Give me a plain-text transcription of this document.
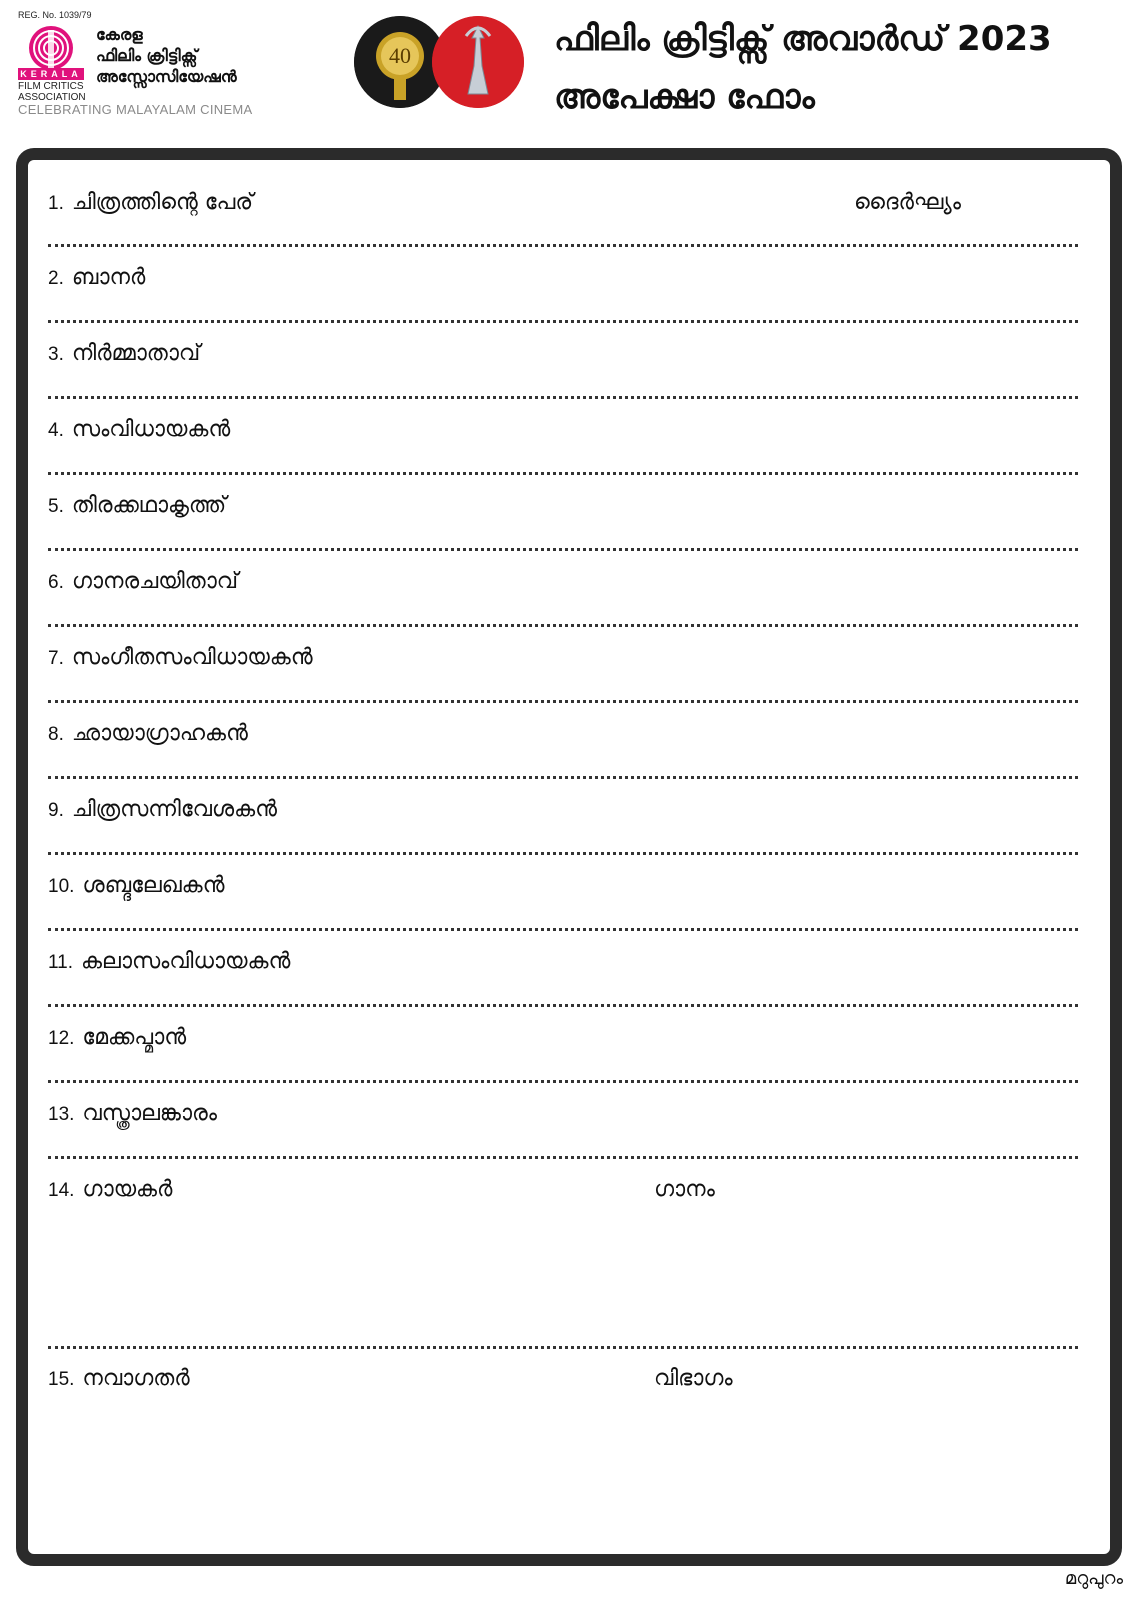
REG. No. 1039/79
KERALA
FILM CRITICS
ASSOCIATION
കേരള
ഫിലിം ക്രിട്ടിക്സ്
അസ്സോസിയേഷൻ
CELEBRATING MALAYALAM CINEMA
40	ഫിലിം ക്രിട്ടിക്സ് അവാർഡ് 2023
അപേക്ഷാ ഫോം
1. ചിത്രത്തിന്റെ പേര്	ദൈർഘ്യം
2. ബാനർ
3. നിർമ്മാതാവ്
4. സംവിധായകൻ
5. തിരക്കഥാകൃത്ത്
6. ഗാനരചയിതാവ്
7. സംഗീതസംവിധായകൻ
8. ഛായാഗ്രാഹകൻ
9. ചിത്രസന്നിവേശകൻ
10. ശബ്ദലേഖകൻ
11. കലാസംവിധായകൻ
12. മേക്കപ്മാൻ
13. വസ്ത്രാലങ്കാരം
14. ഗായകർ	ഗാനം
15. നവാഗതർ	വിഭാഗം
മറുപുറം
